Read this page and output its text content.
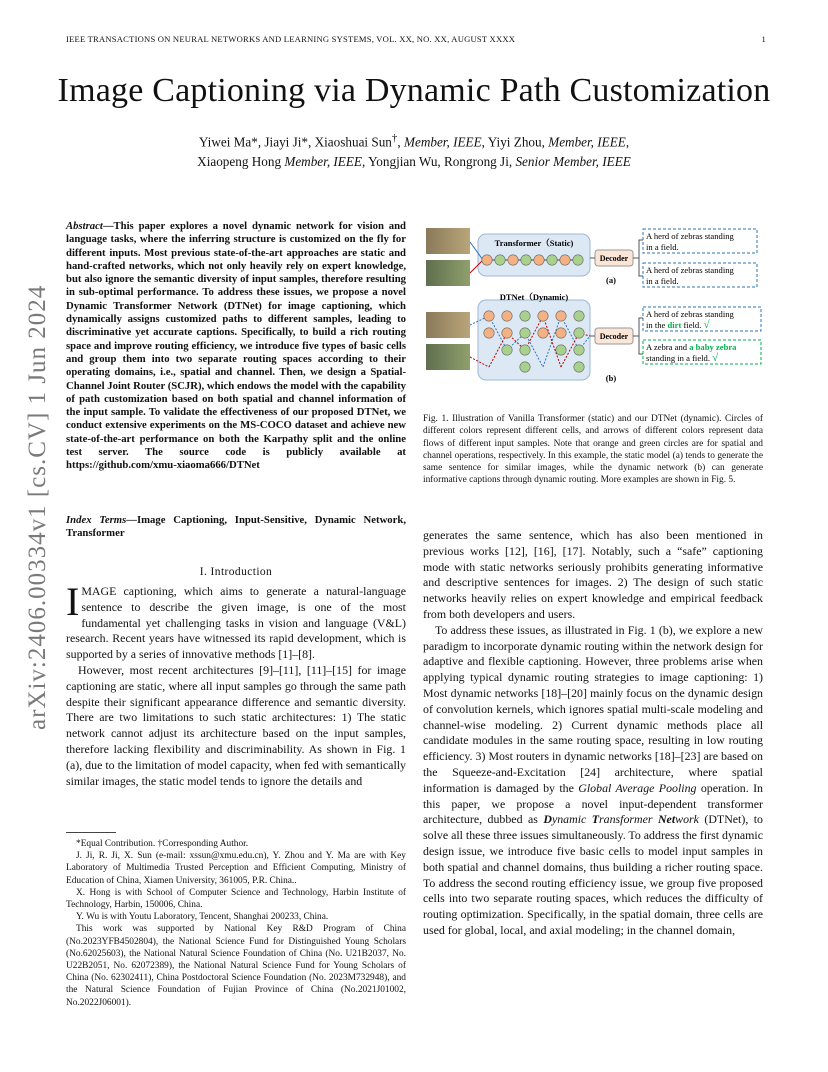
IEEE TRANSACTIONS ON NEURAL NETWORKS AND LEARNING SYSTEMS, VOL. XX, NO. XX, AUGUST XXXX	1
Image Captioning via Dynamic Path Customization
Yiwei Ma*, Jiayi Ji*, Xiaoshuai Sun†, Member, IEEE, Yiyi Zhou, Member, IEEE,
Xiaopeng Hong Member, IEEE, Yongjian Wu, Rongrong Ji, Senior Member, IEEE
arXiv:2406.00334v1 [cs.CV] 1 Jun 2024
Abstract—This paper explores a novel dynamic network for vision and language tasks, where the inferring structure is customized on the fly for different inputs. Most previous state-of-the-art approaches are static and hand-crafted networks, which not only heavily rely on expert knowledge, but also ignore the semantic diversity of input samples, therefore resulting in sub-optimal performance. To address these issues, we propose a novel Dynamic Transformer Network (DTNet) for image captioning, which dynamically assigns customized paths to different samples, leading to discriminative yet accurate captions. Specifically, to build a rich routing space and improve routing efficiency, we introduce five types of basic cells and group them into two separate routing spaces according to their operating domains, i.e., spatial and channel. Then, we design a Spatial-Channel Joint Router (SCJR), which endows the model with the capability of path customization based on both spatial and channel information of the input sample. To validate the effectiveness of our proposed DTNet, we conduct extensive experiments on the MS-COCO dataset and achieve new state-of-the-art performance on both the Karpathy split and the online test server. The source code is publicly available at https://github.com/xmu-xiaoma666/DTNet
Index Terms—Image Captioning, Input-Sensitive, Dynamic Network, Transformer
I. Introduction

IMAGE captioning, which aims to generate a natural-language sentence to describe the given image, is one of the most fundamental yet challenging tasks in vision and language (V&L) research. Recent years have witnessed its rapid development, which is supported by a series of innovative methods [1]–[8].

However, most recent architectures [9]–[11], [11]–[15] for image captioning are static, where all input samples go through the same path despite their significant appearance difference and semantic diversity. There are two limitations to such static architectures: 1) The static network cannot adjust its architecture based on the input samples, therefore lacking flexibility and discriminability. As shown in Fig. 1 (a), due to the limitation of model capacity, when fed with semantically similar images, the static model tends to ignore the details and

*Equal Contribution. †Corresponding Author.

J. Ji, R. Ji, X. Sun (e-mail: xssun@xmu.edu.cn), Y. Zhou and Y. Ma are with Key Laboratory of Multimedia Trusted Perception and Efficient Computing, Ministry of Education of China, Xiamen University, 361005, P.R. China..

X. Hong is with School of Computer Science and Technology, Harbin Institute of Technology, Harbin, 150006, China.

Y. Wu is with Youtu Laboratory, Tencent, Shanghai 200233, China.

This work was supported by National Key R&D Program of China (No.2023YFB4502804), the National Science Fund for Distinguished Young Scholars (No.62025603), the National Natural Science Foundation of China (No. U21B2037, No. U22B2051, No. 62072389), the National Natural Science Fund for Young Scholars of China (No. 62302411), China Postdoctoral Science Foundation (No. 2023M732948), and the Natural Science Foundation of Fujian Province of China (No.2021J01002, No.2022J06001).

Transformer（Static)
DTNet（Dynamic)
Decoder
Decoder
(a)
(b)
A herd of zebras standing
in a field.
A herd of zebras standing
in a field.
A herd of zebras standing
in the dirt field. √
A zebra and a baby zebra
standing in a field. √
Fig. 1. Illustration of Vanilla Transformer (static) and our DTNet (dynamic). Circles of different colors represent different cells, and arrows of different colors represent data flows of different input samples. Note that orange and green circles are for spatial and channel operations, respectively. In this example, the static model (a) tends to generate the same sentence for similar images, while the dynamic network (b) can generate informative captions through dynamic routing. More examples are shown in Fig. 5.

generates the same sentence, which has also been mentioned in previous works [12], [16], [17]. Notably, such a “safe” captioning mode with static networks seriously prohibits generating informative and descriptive sentences for images. 2) The design of such static networks heavily relies on expert knowledge and empirical feedback from both developers and users.

To address these issues, as illustrated in Fig. 1 (b), we explore a new paradigm to incorporate dynamic routing within the network design for adaptive and flexible captioning. However, three problems arise when applying typical dynamic routing strategies to image captioning: 1) Most dynamic networks [18]–[20] mainly focus on the dynamic design of convolution kernels, which ignores spatial multi-scale modeling and channel-wise modeling. 2) Current dynamic methods place all candidate modules in the same routing space, resulting in low routing efficiency. 3) Most routers in dynamic networks [18]–[23] are based on the Squeeze-and-Excitation [24] architecture, where spatial information is damaged by the Global Average Pooling operation. In this paper, we propose a novel input-dependent transformer architecture, dubbed as Dynamic Transformer Network (DTNet), to solve all these three issues simultaneously. To address the first dynamic design issue, we introduce five basic cells to model input samples in both spatial and channel domains, thus building a richer routing space. To address the second routing efficiency issue, we group five proposed cells into two separate routing spaces, which reduces the difficulty of routing optimization. Specifically, in the spatial domain, three cells are used for global, local, and axial modeling; in the channel domain,
